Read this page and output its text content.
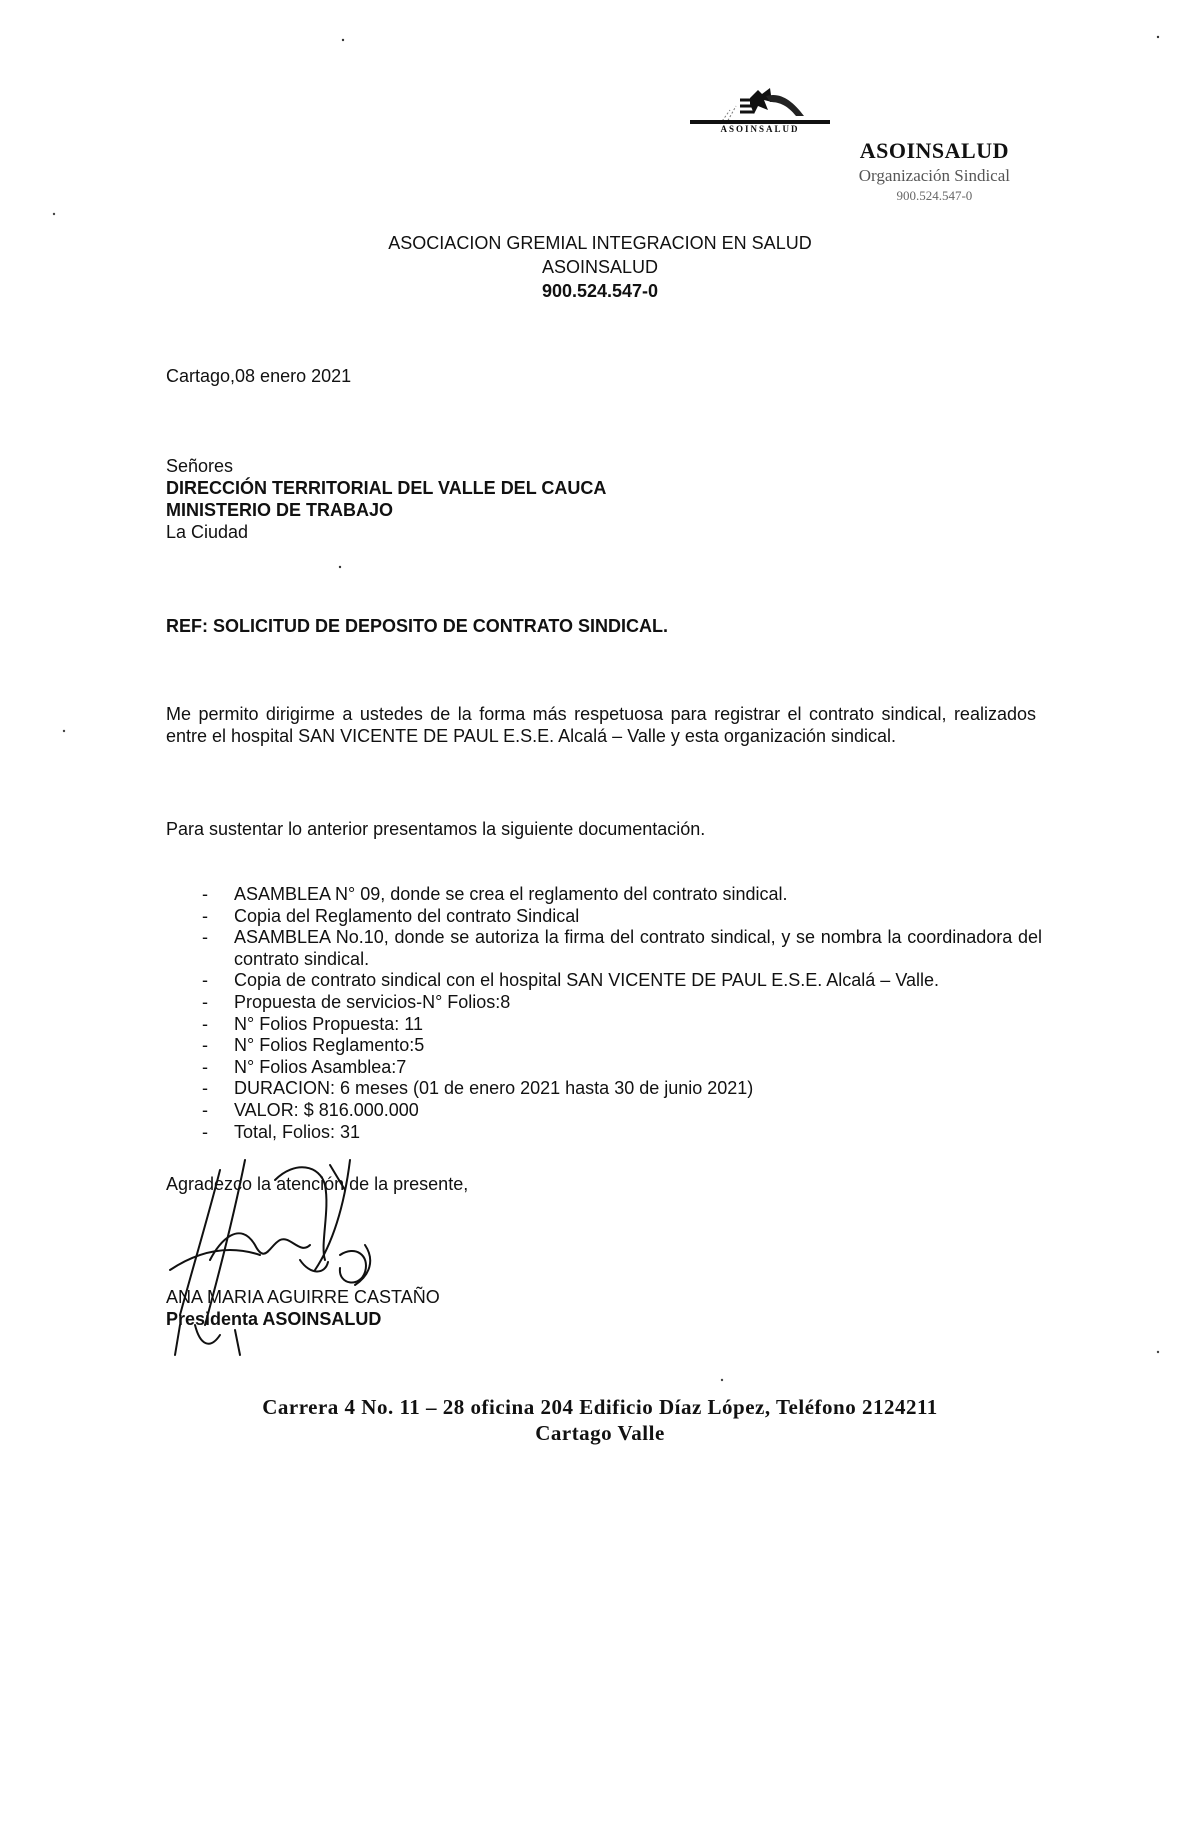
ASOINSALUD
ASOINSALUD
Organización Sindical
900.524.547-0
ASOCIACION GREMIAL INTEGRACION EN SALUD
ASOINSALUD
900.524.547-0
Cartago,08 enero 2021
Señores
DIRECCIÓN TERRITORIAL DEL VALLE DEL CAUCA
MINISTERIO DE TRABAJO
La Ciudad
REF: SOLICITUD DE DEPOSITO DE CONTRATO SINDICAL.
Me permito dirigirme a ustedes de la forma más respetuosa para registrar el contrato sindical, realizados entre el hospital SAN VICENTE DE PAUL E.S.E. Alcalá – Valle y esta organización sindical.
Para sustentar lo anterior presentamos la siguiente documentación.
- ASAMBLEA N° 09, donde se crea el reglamento del contrato sindical.
- Copia del Reglamento del contrato Sindical
- ASAMBLEA No.10, donde se autoriza la firma del contrato sindical, y se nombra la coordinadora del contrato sindical.
- Copia de contrato sindical con el hospital SAN VICENTE DE PAUL E.S.E. Alcalá – Valle.
- Propuesta de servicios-N° Folios:8
- N° Folios Propuesta: 11
- N° Folios Reglamento:5
- N° Folios Asamblea:7
- DURACION: 6 meses (01 de enero 2021 hasta 30 de junio 2021)
- VALOR: $ 816.000.000
- Total, Folios: 31
Agradezco la atención de la presente,
ANA MARIA AGUIRRE CASTAÑO
Presidenta ASOINSALUD
Carrera 4 No. 11 – 28 oficina 204 Edificio Díaz López, Teléfono 2124211
Cartago Valle
